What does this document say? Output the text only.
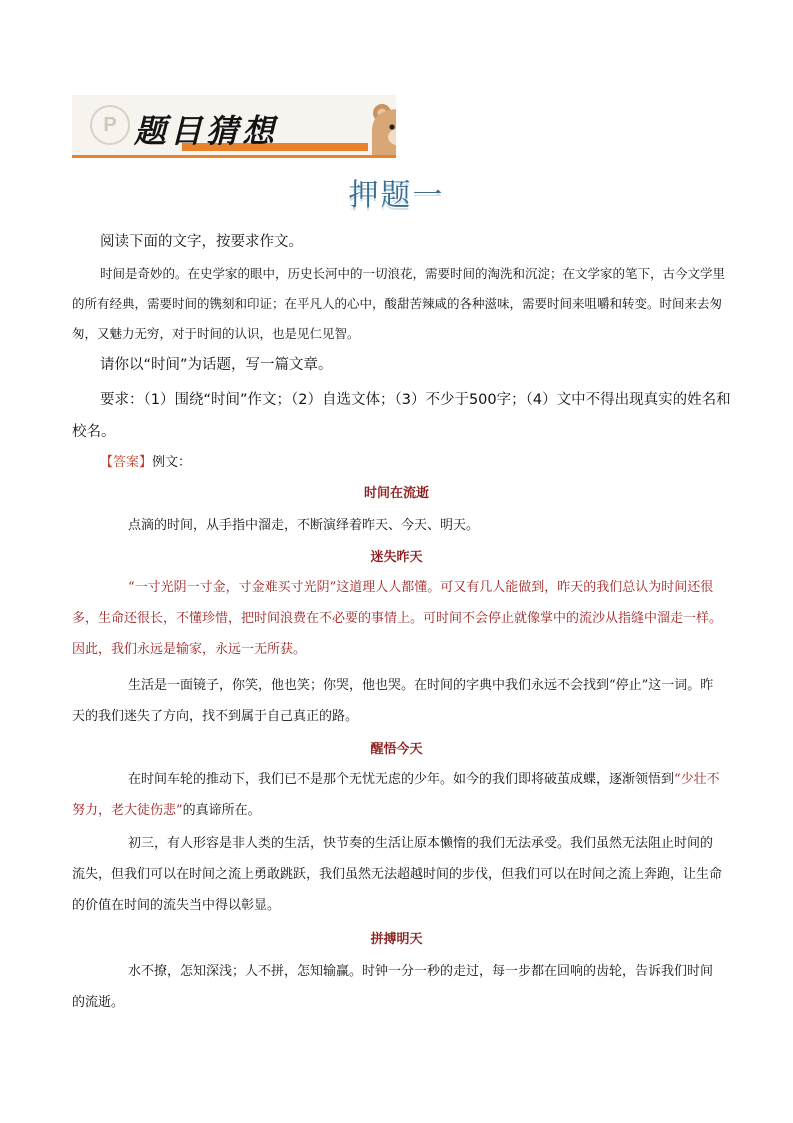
P 题目猜想
押题一

阅读下面的文字，按要求作文。

时间是奇妙的。在史学家的眼中，历史长河中的一切浪花，需要时间的淘洗和沉淀；在文学家的笔下，古今文学里的所有经典，需要时间的镌刻和印证；在平凡人的心中，酸甜苦辣咸的各种滋味，需要时间来咀嚼和转变。时间来去匆匆，又魅力无穷，对于时间的认识，也是见仁见智。

请你以“时间”为话题，写一篇文章。

要求：（1）围绕“时间”作文；（2）自选文体；（3）不少于500字；（4）文中不得出现真实的姓名和校名。

【答案】例文：

时间在流逝

点滴的时间，从手指中溜走，不断演绎着昨天、今天、明天。

迷失昨天

“一寸光阴一寸金，寸金难买寸光阴”这道理人人都懂。可又有几人能做到，昨天的我们总认为时间还很多，生命还很长，不懂珍惜，把时间浪费在不必要的事情上。可时间不会停止就像掌中的流沙从指缝中溜走一样。因此，我们永远是输家，永远一无所获。

生活是一面镜子，你笑，他也笑；你哭，他也哭。在时间的字典中我们永远不会找到“停止”这一词。昨天的我们迷失了方向，找不到属于自己真正的路。

醒悟今天

在时间车轮的推动下，我们已不是那个无忧无虑的少年。如今的我们即将破茧成蝶，逐渐领悟到“少壮不努力，老大徒伤悲”的真谛所在。

初三，有人形容是非人类的生活，快节奏的生活让原本懒惰的我们无法承受。我们虽然无法阻止时间的流失，但我们可以在时间之流上勇敢跳跃，我们虽然无法超越时间的步伐，但我们可以在时间之流上奔跑，让生命的价值在时间的流失当中得以彰显。

拼搏明天

水不撩，怎知深浅；人不拼，怎知输赢。时钟一分一秒的走过，每一步都在回响的齿轮，告诉我们时间的流逝。
